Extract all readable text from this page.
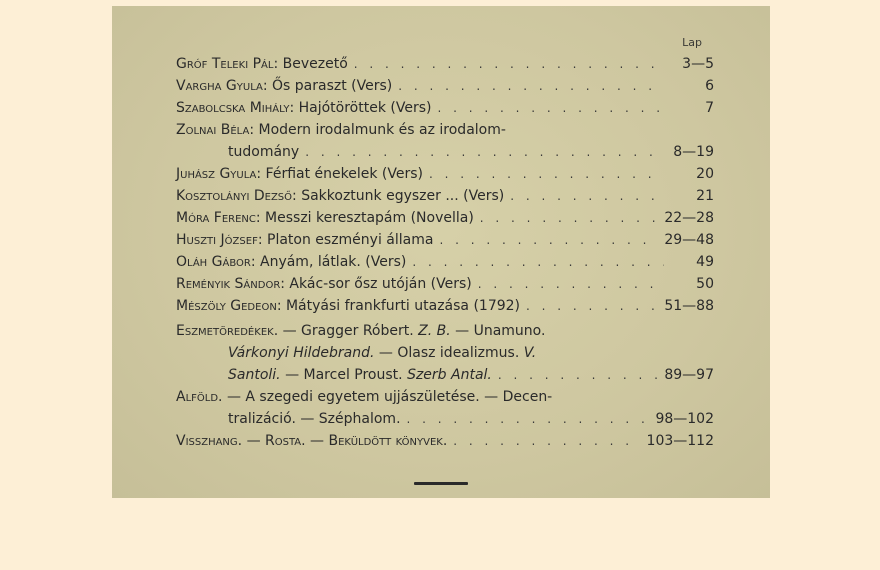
Lap
Gróf Teleki Pál: Bevezető . . .	3—5
Vargha Gyula: Ős paraszt (Vers) . . .	6
Szabolcska Mihály: Hajótöröttek (Vers) . . .	7
Zolnai Béla: Modern irodalmunk és az irodalom-
tudomány . . .	8—19
Juhász Gyula: Férfiat énekelek (Vers) . . .	20
Kosztolányi Dezső: Sakkoztunk egyszer ... (Vers) . . .	21
Móra Ferenc: Messzi keresztapám (Novella) . . .	22—28
Huszti József: Platon eszményi állama . . .	29—48
Oláh Gábor: Anyám, látlak. (Vers) . . .	49
Reményik Sándor: Akác-sor ősz utóján (Vers) . . .	50
Mészöly Gedeon: Mátyási frankfurti utazása (1792) . . .	51—88
Eszmetöredékek. — Gragger Róbert. Z. B. — Unamuno.
Várkonyi Hildebrand. — Olasz idealizmus. V.
Santoli. — Marcel Proust. Szerb Antal. . . .	89—97
Alföld. — A szegedi egyetem ujjászületése. — Decen-
tralizáció. — Széphalom. . . .	98—102
Visszhang. — Rosta. — Beküldött könyvek. . . .	103—112
